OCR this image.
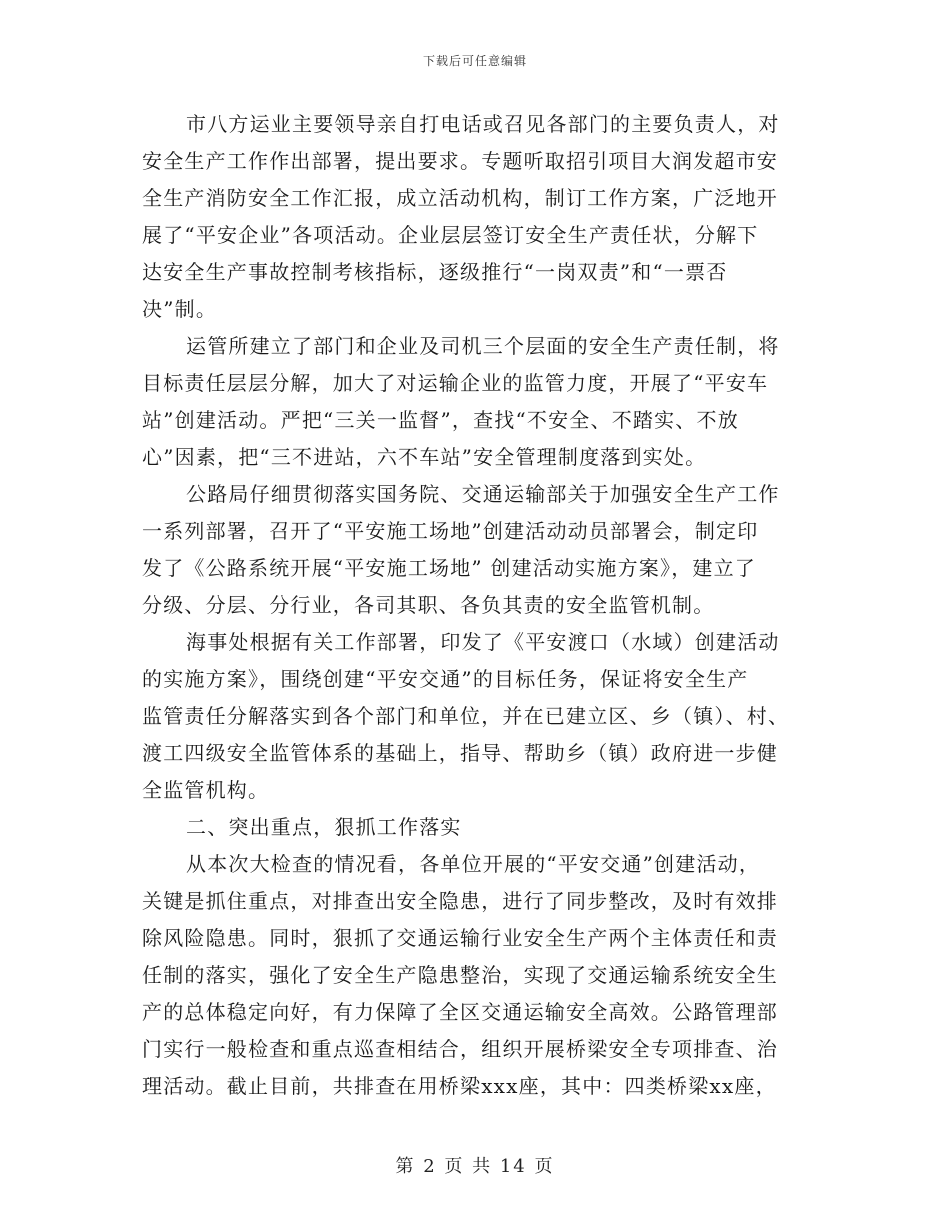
下载后可任意编辑
市八方运业主要领导亲自打电话或召见各部门的主要负责人，对
安全生产工作作出部署，提出要求。专题听取招引项目大润发超市安
全生产消防安全工作汇报，成立活动机构，制订工作方案，广泛地开
展了“平安企业”各项活动。企业层层签订安全生产责任状，分解下
达安全生产事故控制考核指标，逐级推行“一岗双责”和“一票否
决”制。
运管所建立了部门和企业及司机三个层面的安全生产责任制，将
目标责任层层分解，加大了对运输企业的监管力度，开展了“平安车
站”创建活动。严把“三关一监督”，查找“不安全、不踏实、不放
心”因素，把“三不进站，六不车站”安全管理制度落到实处。
公路局仔细贯彻落实国务院、交通运输部关于加强安全生产工作
一系列部署，召开了“平安施工场地”创建活动动员部署会，制定印
发了《公路系统开展“平安施工场地” 创建活动实施方案》，建立了
分级、分层、分行业，各司其职、各负其责的安全监管机制。
海事处根据有关工作部署，印发了《平安渡口（水域）创建活动
的实施方案》，围绕创建“平安交通”的目标任务，保证将安全生产
监管责任分解落实到各个部门和单位，并在已建立区、乡（镇）、村、
渡工四级安全监管体系的基础上，指导、帮助乡（镇）政府进一步健
全监管机构。
二、突出重点，狠抓工作落实
从本次大检查的情况看，各单位开展的“平安交通”创建活动，
关键是抓住重点，对排查出安全隐患，进行了同步整改，及时有效排
除风险隐患。同时，狠抓了交通运输行业安全生产两个主体责任和责
任制的落实，强化了安全生产隐患整治，实现了交通运输系统安全生
产的总体稳定向好，有力保障了全区交通运输安全高效。公路管理部
门实行一般检查和重点巡查相结合，组织开展桥梁安全专项排查、治
理活动。截止目前，共排查在用桥梁xxx座，其中：四类桥梁xx座，
第 2 页 共 14 页
